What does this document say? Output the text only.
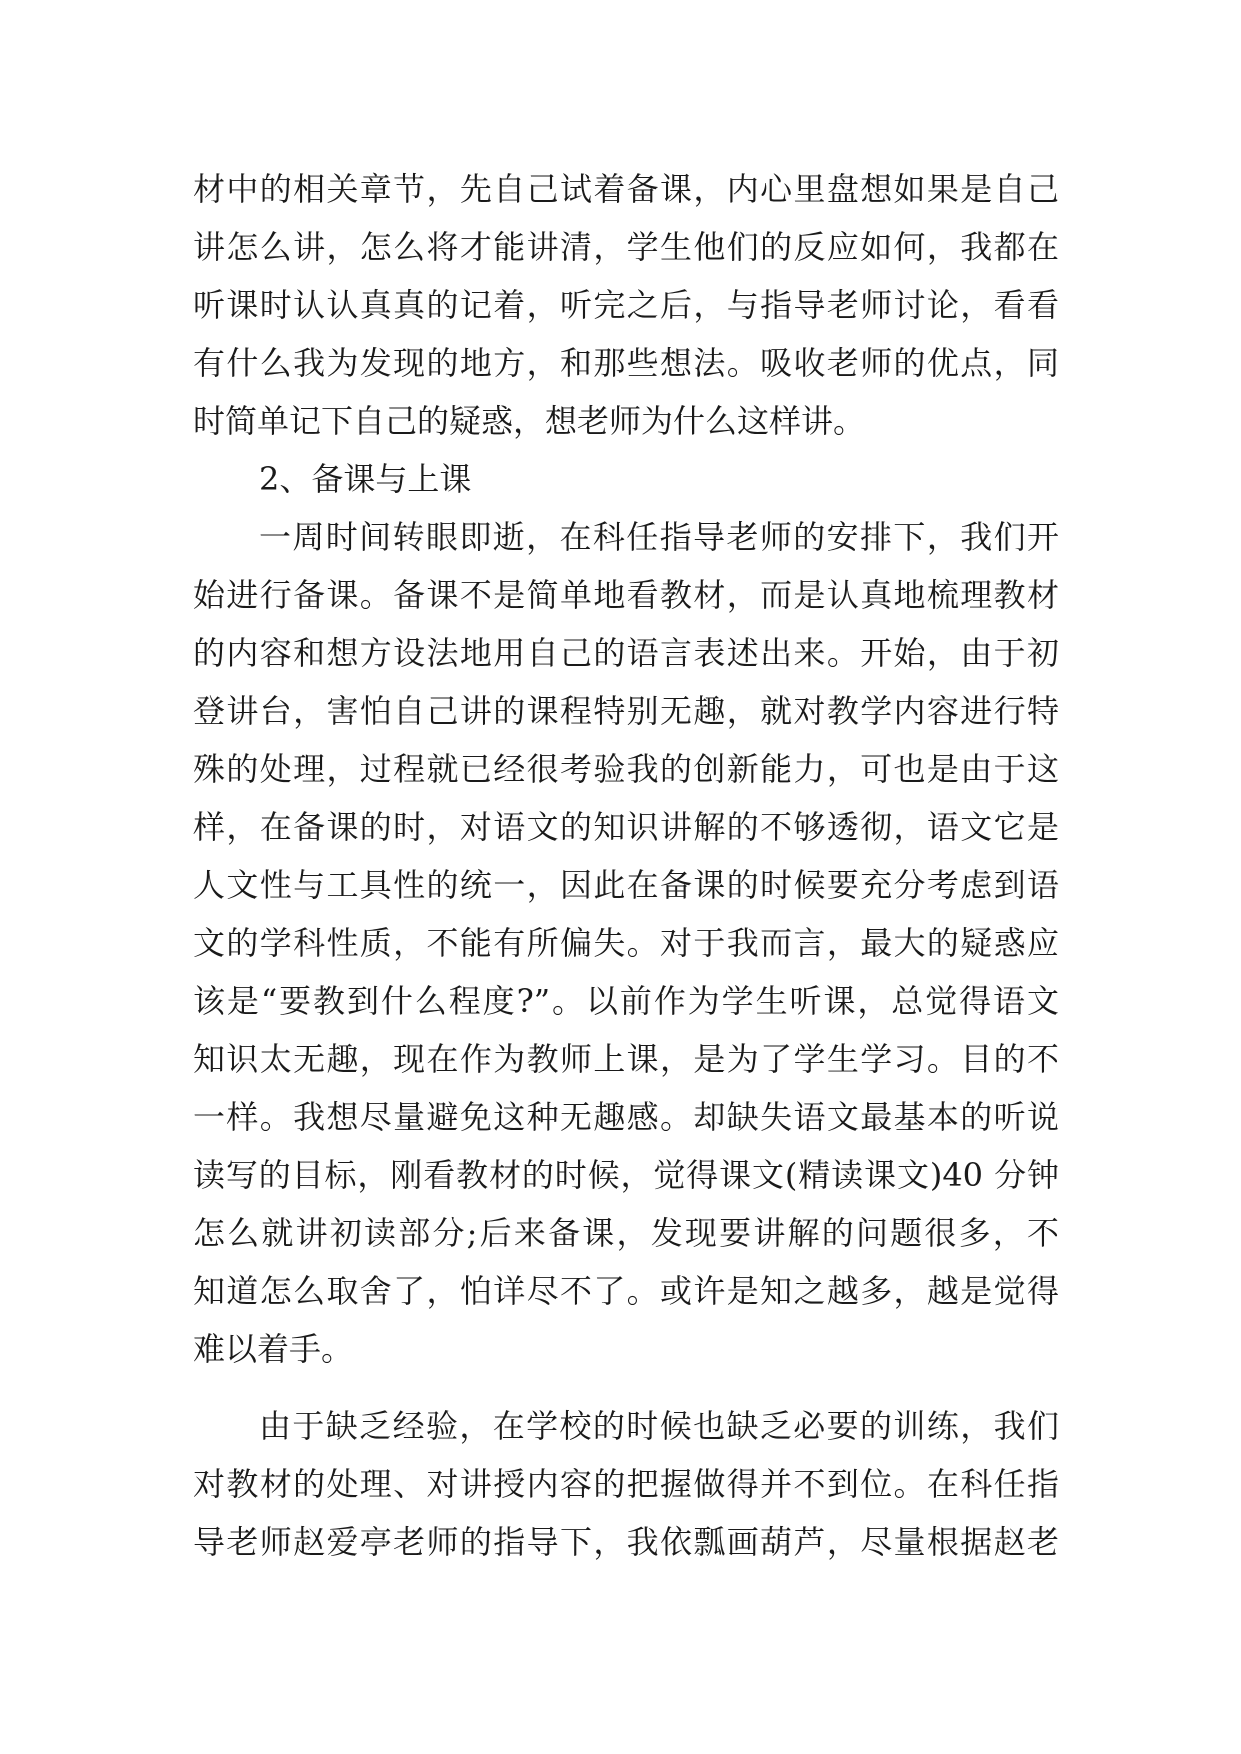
材中的相关章节，先自己试着备课，内心里盘想如果是自己
讲怎么讲，怎么将才能讲清，学生他们的反应如何，我都在
听课时认认真真的记着，听完之后，与指导老师讨论，看看
有什么我为发现的地方，和那些想法。吸收老师的优点，同
时简单记下自己的疑惑，想老师为什么这样讲。
2、备课与上课
一周时间转眼即逝，在科任指导老师的安排下，我们开
始进行备课。备课不是简单地看教材，而是认真地梳理教材
的内容和想方设法地用自己的语言表述出来。开始，由于初
登讲台，害怕自己讲的课程特别无趣，就对教学内容进行特
殊的处理，过程就已经很考验我的创新能力，可也是由于这
样，在备课的时，对语文的知识讲解的不够透彻，语文它是
人文性与工具性的统一，因此在备课的时候要充分考虑到语
文的学科性质，不能有所偏失。对于我而言，最大的疑惑应
该是“要教到什么程度?”。以前作为学生听课，总觉得语文
知识太无趣，现在作为教师上课，是为了学生学习。目的不
一样。我想尽量避免这种无趣感。却缺失语文最基本的听说
读写的目标，刚看教材的时候，觉得课文(精读课文)40 分钟
怎么就讲初读部分;后来备课，发现要讲解的问题很多，不
知道怎么取舍了，怕详尽不了。或许是知之越多，越是觉得
难以着手。
由于缺乏经验，在学校的时候也缺乏必要的训练，我们
对教材的处理、对讲授内容的把握做得并不到位。在科任指
导老师赵爱亭老师的指导下，我依瓢画葫芦，尽量根据赵老
